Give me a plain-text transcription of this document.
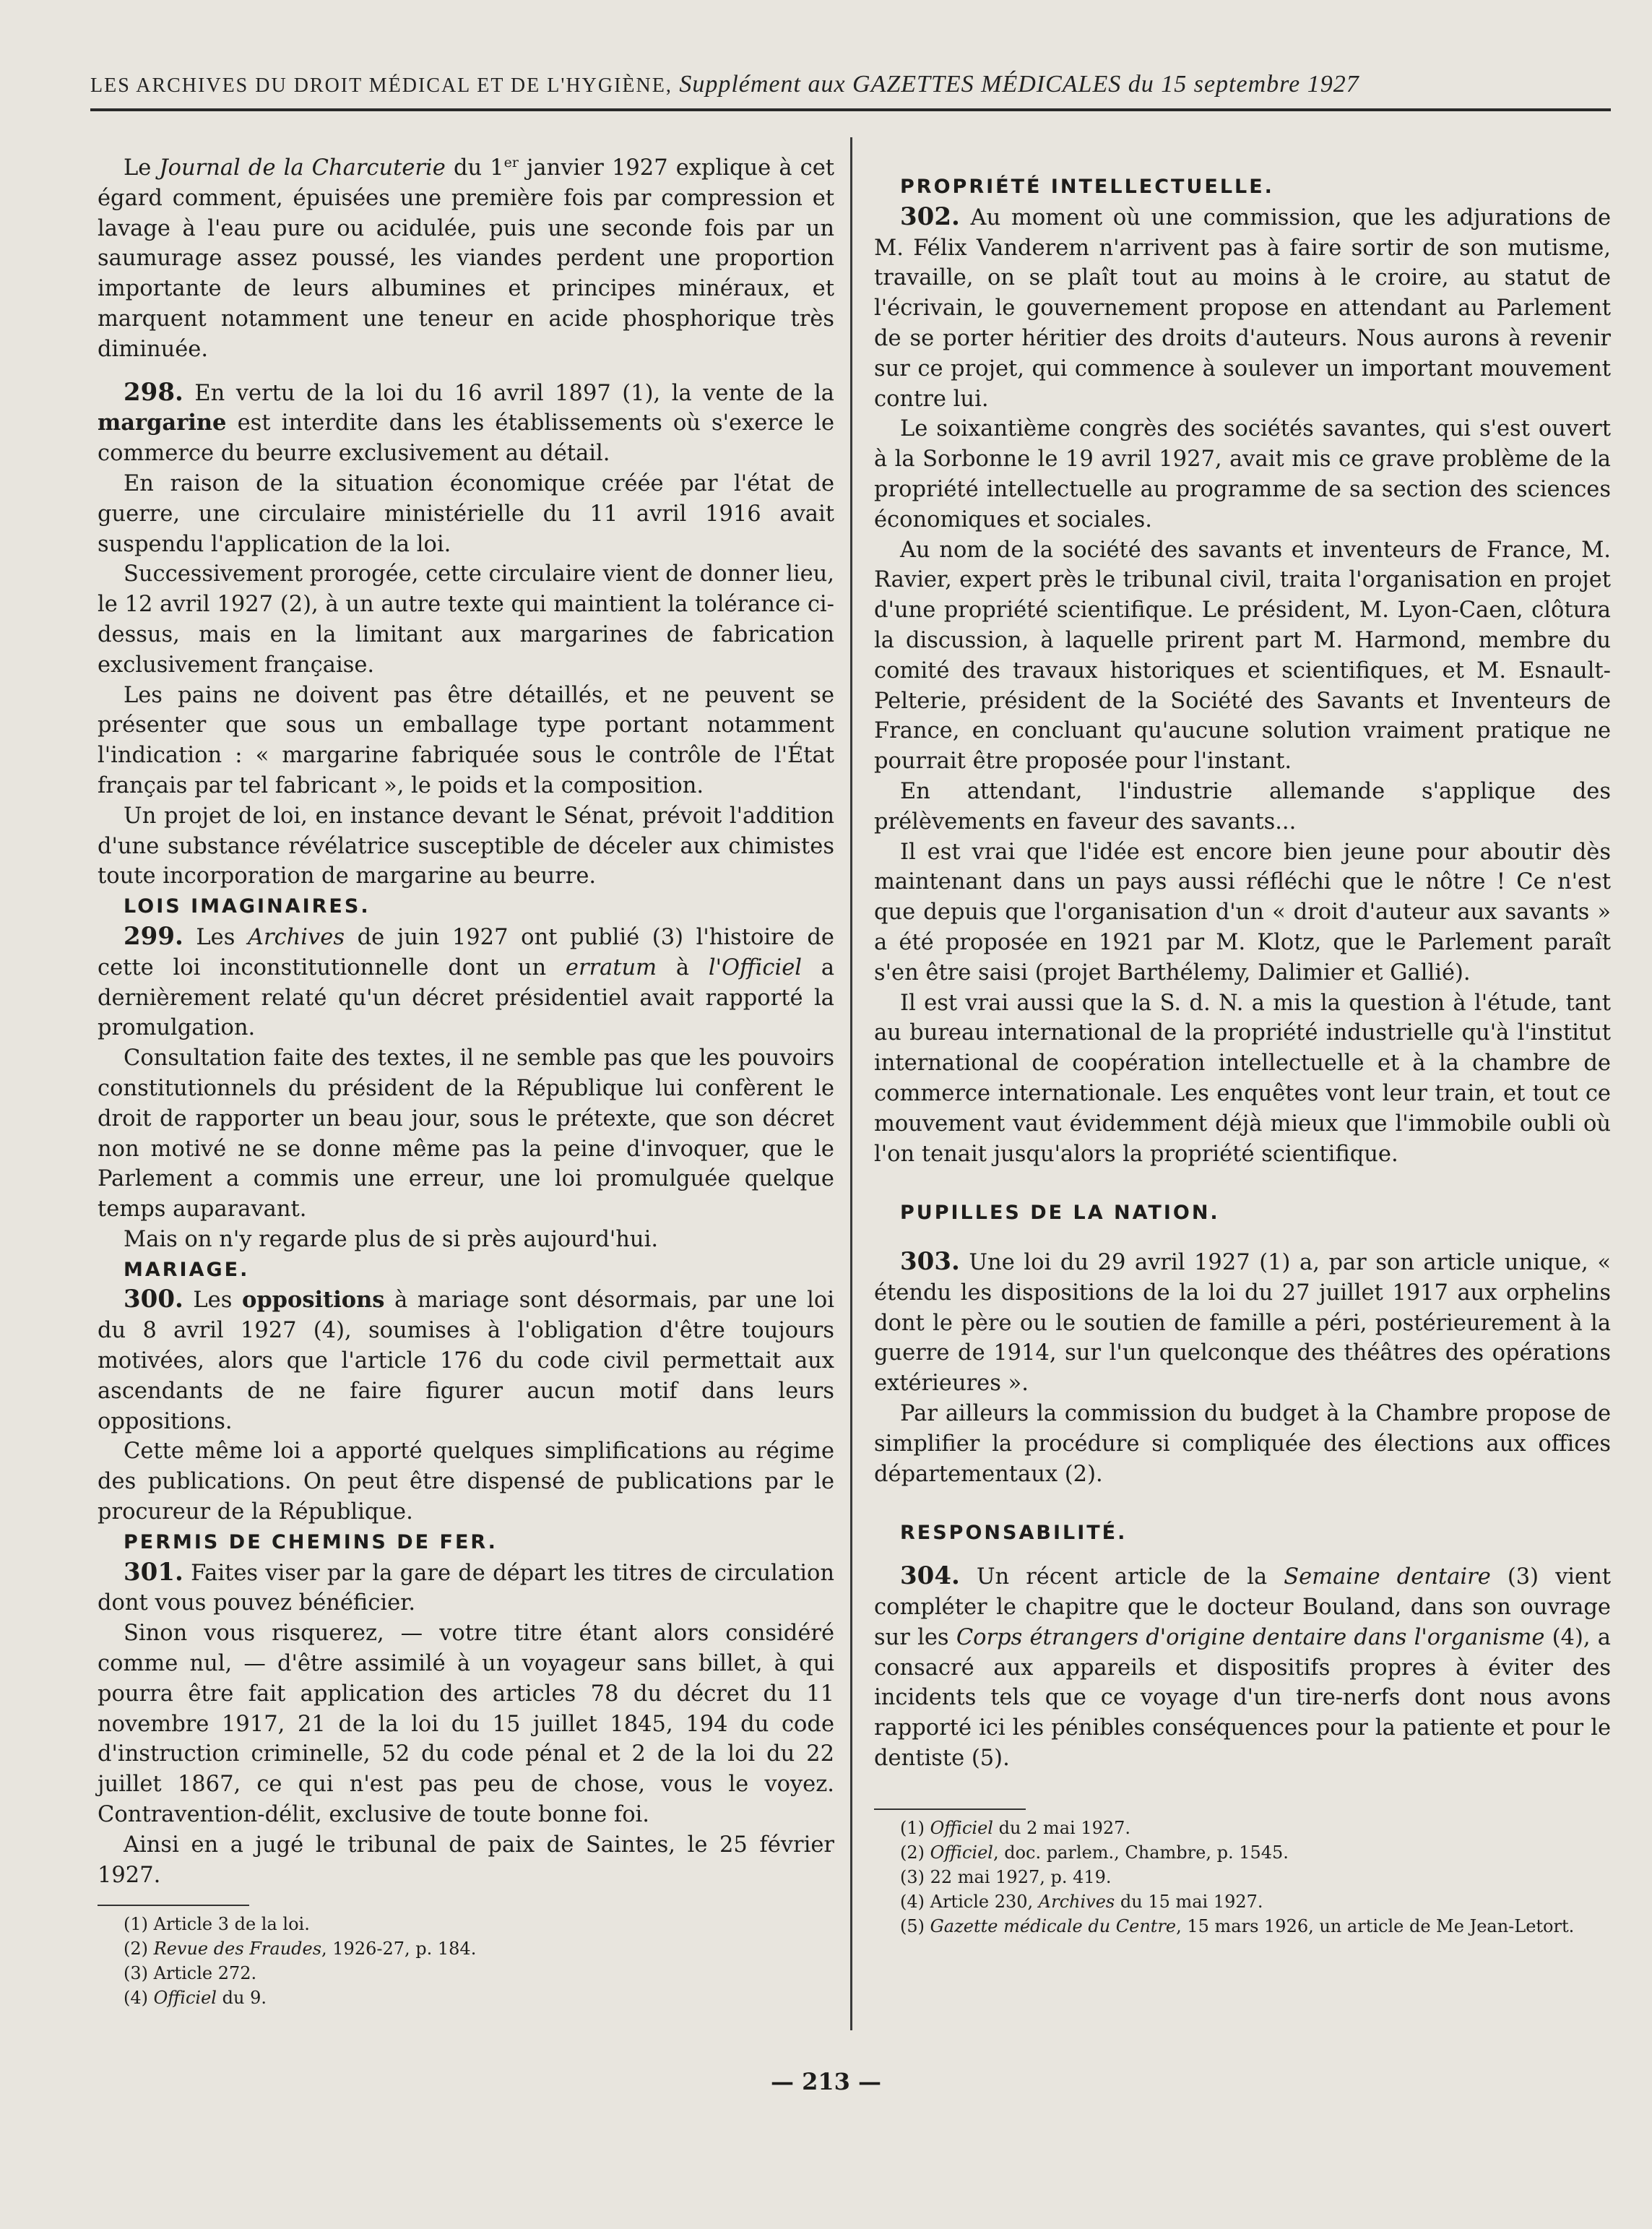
LES ARCHIVES DU DROIT MÉDICAL ET DE L'HYGIÈNE, Supplément aux GAZETTES MÉDICALES du 15 septembre 1927

Le Journal de la Charcuterie du 1er janvier 1927 explique à cet égard comment, épuisées une première fois par compression et lavage à l'eau pure ou acidulée, puis une seconde fois par un saumurage assez poussé, les viandes perdent une proportion importante de leurs albumines et principes minéraux, et marquent notamment une teneur en acide phosphorique très diminuée.

298. En vertu de la loi du 16 avril 1897 (1), la vente de la margarine est interdite dans les établissements où s'exerce le commerce du beurre exclusivement au détail.

En raison de la situation économique créée par l'état de guerre, une circulaire ministérielle du 11 avril 1916 avait suspendu l'application de la loi.

Successivement prorogée, cette circulaire vient de donner lieu, le 12 avril 1927 (2), à un autre texte qui maintient la tolérance ci-dessus, mais en la limitant aux margarines de fabrication exclusivement française.

Les pains ne doivent pas être détaillés, et ne peuvent se présenter que sous un emballage type portant notamment l'indication : « margarine fabriquée sous le contrôle de l'État français par tel fabricant », le poids et la composition.

Un projet de loi, en instance devant le Sénat, prévoit l'addition d'une substance révélatrice susceptible de déceler aux chimistes toute incorporation de margarine au beurre.

LOIS IMAGINAIRES.

299. Les Archives de juin 1927 ont publié (3) l'histoire de cette loi inconstitutionnelle dont un erratum à l'Officiel a dernièrement relaté qu'un décret présidentiel avait rapporté la promulgation.

Consultation faite des textes, il ne semble pas que les pouvoirs constitutionnels du président de la République lui confèrent le droit de rapporter un beau jour, sous le prétexte, que son décret non motivé ne se donne même pas la peine d'invoquer, que le Parlement a commis une erreur, une loi promulguée quelque temps auparavant.

Mais on n'y regarde plus de si près aujourd'hui.

MARIAGE.

300. Les oppositions à mariage sont désormais, par une loi du 8 avril 1927 (4), soumises à l'obligation d'être toujours motivées, alors que l'article 176 du code civil permettait aux ascendants de ne faire figurer aucun motif dans leurs oppositions.

Cette même loi a apporté quelques simplifications au régime des publications. On peut être dispensé de publications par le procureur de la République.

PERMIS DE CHEMINS DE FER.

301. Faites viser par la gare de départ les titres de circulation dont vous pouvez bénéficier.

Sinon vous risquerez, — votre titre étant alors considéré comme nul, — d'être assimilé à un voyageur sans billet, à qui pourra être fait application des articles 78 du décret du 11 novembre 1917, 21 de la loi du 15 juillet 1845, 194 du code d'instruction criminelle, 52 du code pénal et 2 de la loi du 22 juillet 1867, ce qui n'est pas peu de chose, vous le voyez. Contravention-délit, exclusive de toute bonne foi.

Ainsi en a jugé le tribunal de paix de Saintes, le 25 février 1927.

(1) Article 3 de la loi.

(2) Revue des Fraudes, 1926-27, p. 184.

(3) Article 272.

(4) Officiel du 9.

PROPRIÉTÉ INTELLECTUELLE.

302. Au moment où une commission, que les adjurations de M. Félix Vanderem n'arrivent pas à faire sortir de son mutisme, travaille, on se plaît tout au moins à le croire, au statut de l'écrivain, le gouvernement propose en attendant au Parlement de se porter héritier des droits d'auteurs. Nous aurons à revenir sur ce projet, qui commence à soulever un important mouvement contre lui.

Le soixantième congrès des sociétés savantes, qui s'est ouvert à la Sorbonne le 19 avril 1927, avait mis ce grave problème de la propriété intellectuelle au programme de sa section des sciences économiques et sociales.

Au nom de la société des savants et inventeurs de France, M. Ravier, expert près le tribunal civil, traita l'organisation en projet d'une propriété scientifique. Le président, M. Lyon-Caen, clôtura la discussion, à laquelle prirent part M. Harmond, membre du comité des travaux historiques et scientifiques, et M. Esnault-Pelterie, président de la Société des Savants et Inventeurs de France, en concluant qu'aucune solution vraiment pratique ne pourrait être proposée pour l'instant.

En attendant, l'industrie allemande s'applique des prélèvements en faveur des savants...

Il est vrai que l'idée est encore bien jeune pour aboutir dès maintenant dans un pays aussi réfléchi que le nôtre ! Ce n'est que depuis que l'organisation d'un « droit d'auteur aux savants » a été proposée en 1921 par M. Klotz, que le Parlement paraît s'en être saisi (projet Barthélemy, Dalimier et Gallié).

Il est vrai aussi que la S. d. N. a mis la question à l'étude, tant au bureau international de la propriété industrielle qu'à l'institut international de coopération intellectuelle et à la chambre de commerce internationale. Les enquêtes vont leur train, et tout ce mouvement vaut évidemment déjà mieux que l'immobile oubli où l'on tenait jusqu'alors la propriété scientifique.

PUPILLES DE LA NATION.

303. Une loi du 29 avril 1927 (1) a, par son article unique, « étendu les dispositions de la loi du 27 juillet 1917 aux orphelins dont le père ou le soutien de famille a péri, postérieurement à la guerre de 1914, sur l'un quelconque des théâtres des opérations extérieures ».

Par ailleurs la commission du budget à la Chambre propose de simplifier la procédure si compliquée des élections aux offices départementaux (2).

RESPONSABILITÉ.

304. Un récent article de la Semaine dentaire (3) vient compléter le chapitre que le docteur Bouland, dans son ouvrage sur les Corps étrangers d'origine dentaire dans l'organisme (4), a consacré aux appareils et dispositifs propres à éviter des incidents tels que ce voyage d'un tire-nerfs dont nous avons rapporté ici les pénibles conséquences pour la patiente et pour le dentiste (5).

(1) Officiel du 2 mai 1927.

(2) Officiel, doc. parlem., Chambre, p. 1545.

(3) 22 mai 1927, p. 419.

(4) Article 230, Archives du 15 mai 1927.

(5) Gazette médicale du Centre, 15 mars 1926, un article de Me Jean-Letort.

— 213 —
